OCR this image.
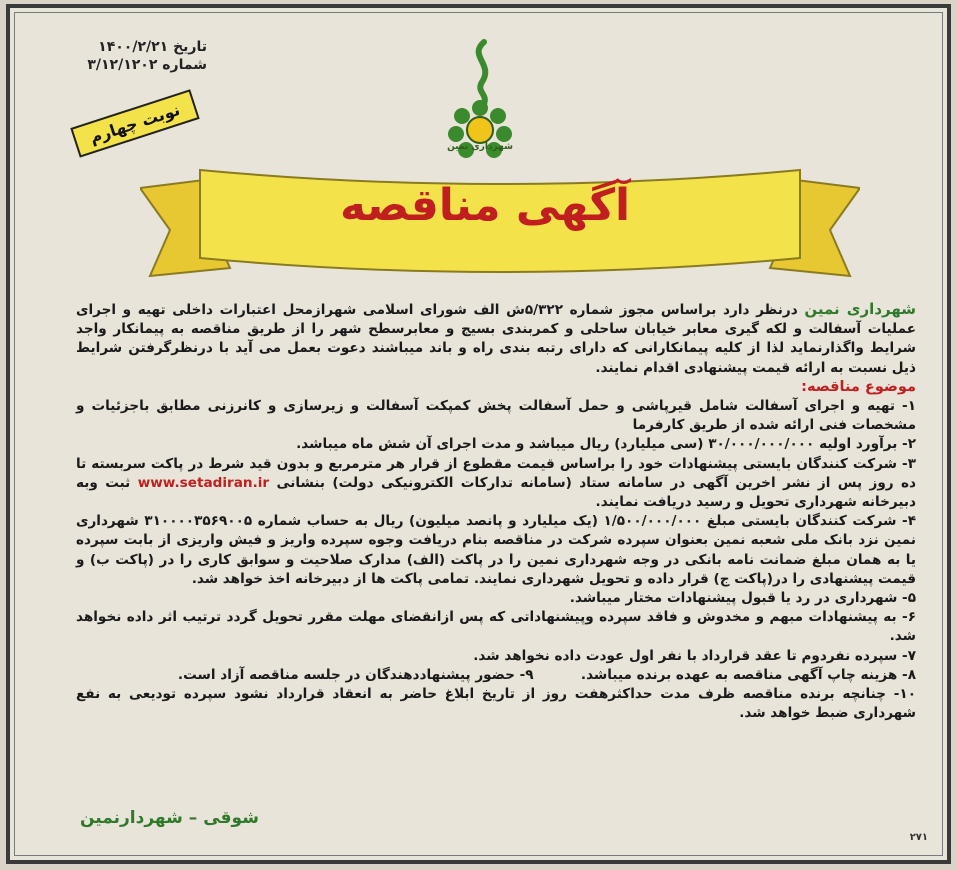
تاریخ ۱۴۰۰/۲/۲۱
شماره ۳/۱۲/۱۲۰۲
شهرداری نمین
نوبت چهارم
آگهی مناقصه
شهرداری نمین درنظر دارد براساس مجوز شماره ۵/۳۲۲ش الف شورای اسلامی شهرازمحل اعتبارات داخلی تهیه و اجرای عملیات آسفالت و لکه گیری معابر خیابان ساحلی و کمربندی بسیج و معابرسطح شهر را از طریق مناقصه به پیمانکار واجد شرایط واگذارنماید لذا از کلیه پیمانکارانی که دارای رتبه بندی راه و باند میباشند دعوت بعمل می آید با درنظرگرفتن شرایط ذیل نسبت به ارائه قیمت پیشنهادی اقدام نمایند.
موضوع مناقصه:
۱- تهیه و اجرای آسفالت شامل قیرپاشی و حمل آسفالت پخش کمپکت آسفالت و زیرسازی و کانرزنی مطابق باجزئیات و مشخصات فنی ارائه شده از طریق کارفرما
۲- برآورد اولیه ۳۰/۰۰۰/۰۰۰/۰۰۰ (سی میلیارد) ریال میباشد و مدت اجرای آن شش ماه میباشد.
۳- شرکت کنندگان بایستی پیشنهادات خود را براساس قیمت مقطوع از قرار هر مترمربع و بدون قید شرط در پاکت سربسته تا ده روز پس از نشر اخرین آگهی در سامانه ستاد (سامانه تدارکات الکترونیکی دولت) بنشانی www.setadiran.ir ثبت وبه دبیرخانه شهرداری تحویل و رسید دریافت نمایند.
۴- شرکت کنندگان بایستی مبلغ ۱/۵۰۰/۰۰۰/۰۰۰ (یک میلیارد و پانصد میلیون) ریال به حساب شماره ۳۱۰۰۰۰۳۵۶۹۰۰۵ شهرداری نمین نزد بانک ملی شعبه نمین بعنوان سپرده شرکت در مناقصه بنام دریافت وجوه سپرده واریز و فیش واریزی از بابت سپرده یا به همان مبلغ ضمانت نامه بانکی در وجه شهرداری نمین را در پاکت (الف) مدارک صلاحیت و سوابق کاری را در (پاکت ب) و قیمت پیشنهادی را در(پاکت ج) قرار داده و تحویل شهرداری نمایند. تمامی پاکت ها از دبیرخانه اخذ خواهد شد.
۵- شهرداری در رد یا قبول پیشنهادات مختار میباشد.
۶- به پیشنهادات مبهم و مخدوش و فاقد سپرده وپیشنهاداتی که پس ازانقضای مهلت مقرر تحویل گردد ترتیب اثر داده نخواهد شد.
۷- سپرده نفردوم تا عقد قرارداد با نفر اول عودت داده نخواهد شد.
۸- هزینه چاپ آگهی مناقصه به عهده برنده میباشد.          ۹- حضور پیشنهاددهندگان در جلسه مناقصه آزاد است.
۱۰- چنانچه برنده مناقصه ظرف مدت حداکثرهفت روز از تاریخ ابلاغ حاضر به انعقاد قرارداد نشود سپرده تودیعی به نفع شهرداری ضبط خواهد شد.
شوقی – شهردارنمین
۲۷۱
